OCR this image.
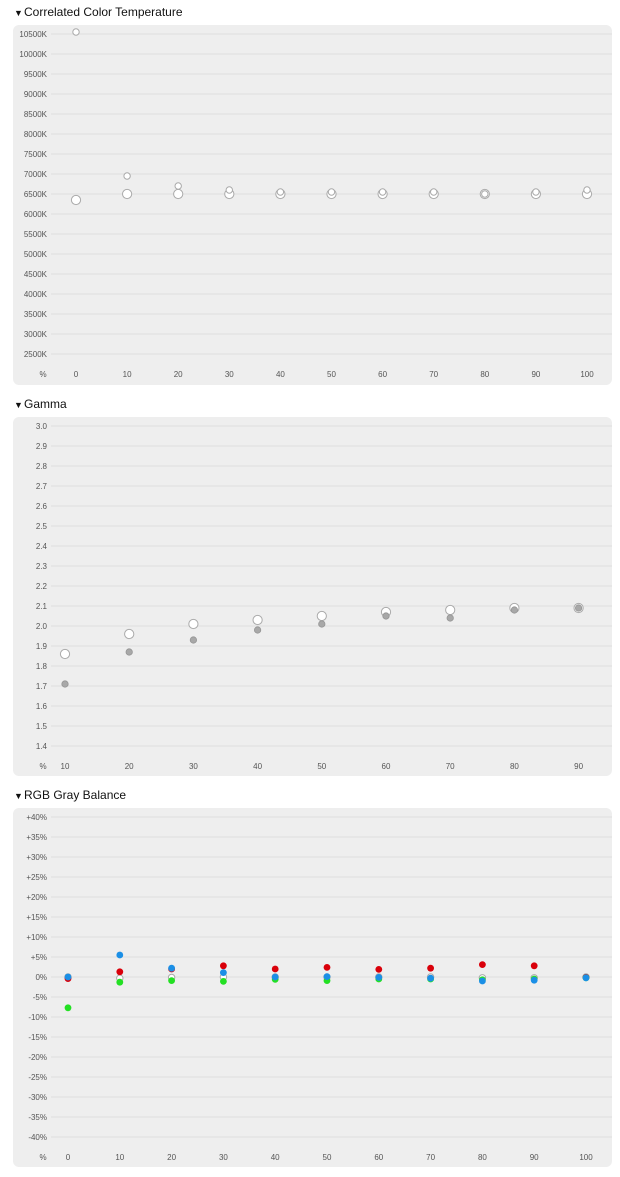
▼Correlated Color Temperature
2500K
3000K
3500K
4000K
4500K
5000K
5500K
6000K
6500K
7000K
7500K
8000K
8500K
9000K
9500K
10000K
10500K
%	0	10	20	30	40	50	60	70	80	90	100
▼Gamma
1.4
1.5
1.6
1.7
1.8
1.9
2.0
2.1
2.2
2.3
2.4
2.5
2.6
2.7
2.8
2.9
3.0
% 10	20	30	40	50	60	70	80	90
▼RGB Gray Balance
-40%
-35%
-30%
-25%
-20%
-15%
-10%
-5%
0%
+5%
+10%
+15%
+20%
+25%
+30%
+35%
+40%
% 0	10	20	30	40	50	60	70	80	90	100
